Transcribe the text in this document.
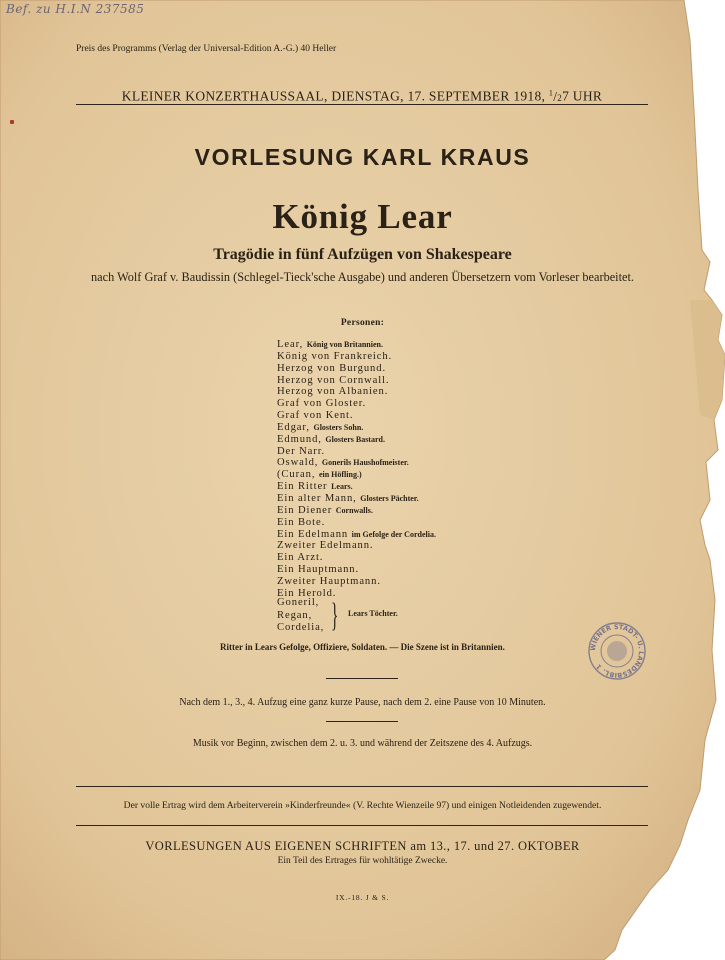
Bef. zu H.I.N 237585
Preis des Programms (Verlag der Universal-Edition A.-G.) 40 Heller
KLEINER KONZERTHAUSSAAL, DIENSTAG, 17. SEPTEMBER 1918, $^1$/27 UHR
VORLESUNG KARL KRAUS
König Lear
Tragödie in fünf Aufzügen von Shakespeare
nach Wolf Graf v. Baudissin (Schlegel-Tieck'sche Ausgabe) und anderen Übersetzern vom Vorleser bearbeitet.
Personen:
Lear, König von Britannien.
König von Frankreich.
Herzog von Burgund.
Herzog von Cornwall.
Herzog von Albanien.
Graf von Gloster.
Graf von Kent.
Edgar, Glosters Sohn.
Edmund, Glosters Bastard.
Der Narr.
Oswald, Gonerils Haushofmeister.
(Curan, ein Höfling.)
Ein Ritter Lears.
Ein alter Mann, Glosters Pächter.
Ein Diener Cornwalls.
Ein Bote.
Ein Edelmann im Gefolge der Cordelia.
Zweiter Edelmann.
Ein Arzt.
Ein Hauptmann.
Zweiter Hauptmann.
Ein Herold.
Goneril,
Regan,
Cordelia, } Lears Töchter.
Ritter in Lears Gefolge, Offiziere, Soldaten. — Die Szene ist in Britannien.
Nach dem 1., 3., 4. Aufzug eine ganz kurze Pause, nach dem 2. eine Pause von 10 Minuten.
Musik vor Beginn, zwischen dem 2. u. 3. und während der Zeitszene des 4. Aufzugs.
Der volle Ertrag wird dem Arbeiterverein »Kinderfreunde« (V. Rechte Wienzeile 97) und einigen Notleidenden zugewendet.
VORLESUNGEN AUS EIGENEN SCHRIFTEN am 13., 17. und 27. OKTOBER
Ein Teil des Ertrages für wohltätige Zwecke.
IX.-18. J & S.
WIENER STADT- U. LANDESBIBL. 1
